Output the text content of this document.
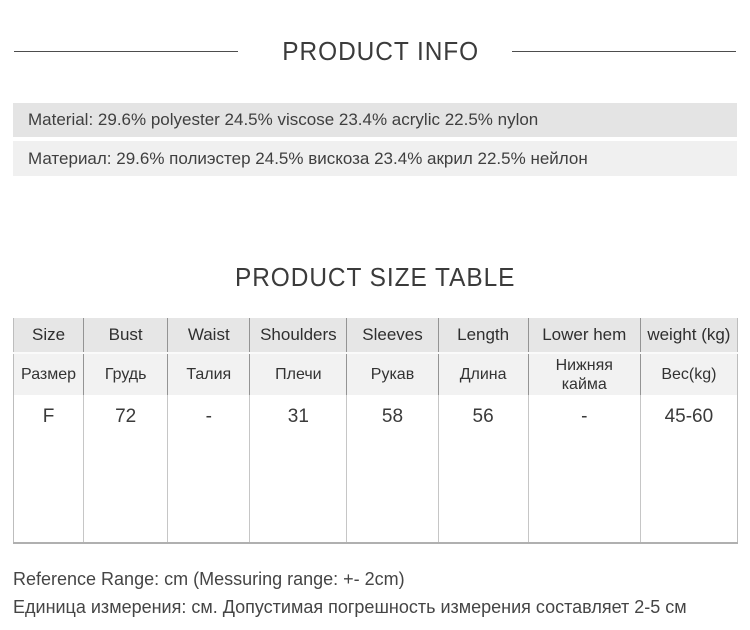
PRODUCT INFO
Material: 29.6% polyester 24.5% viscose 23.4% acrylic 22.5% nylon
Материал: 29.6% полиэстер 24.5% вискоза 23.4% акрил 22.5% нейлон
PRODUCT SIZE TABLE
Size	Bust	Waist	Shoulders	Sleeves	Length	Lower hem	weight (kg)
Размер	Грудь	Талия	Плечи	Рукав	Длина	Нижняя кайма	Вес(kg)
F	72	-	31	58	56	-	45-60
Reference Range: cm (Messuring range: +- 2cm)
Единица измерения: см. Допустимая погрешность измерения составляет 2-5 см
